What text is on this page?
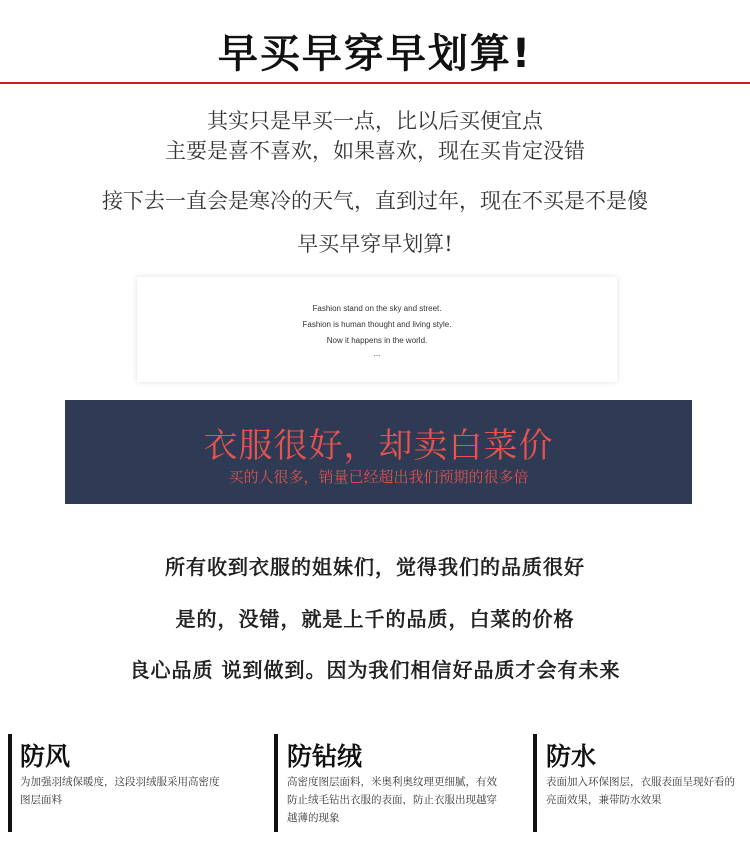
早买早穿早划算!
其实只是早买一点，比以后买便宜点
主要是喜不喜欢，如果喜欢，现在买肯定没错
接下去一直会是寒冷的天气，直到过年，现在不买是不是傻
早买早穿早划算!
Fashion stand on the sky and street.
Fashion is human thought and living style.
Now it happens in the world.
...
衣服很好，却卖白菜价
买的人很多，销量已经超出我们预期的很多倍
所有收到衣服的姐妹们，觉得我们的品质很好
是的，没错，就是上千的品质，白菜的价格
良心品质 说到做到。因为我们相信好品质才会有未来
防风
为加强羽绒保暖度，这段羽绒服采用高密度图层面料
防钻绒
高密度图层面料，米奥利奥纹理更细腻，有效防止绒毛钻出衣服的表面，防止衣服出现越穿越薄的现象
防水
表面加入环保图层，衣服表面呈现好看的亮面效果，兼带防水效果
